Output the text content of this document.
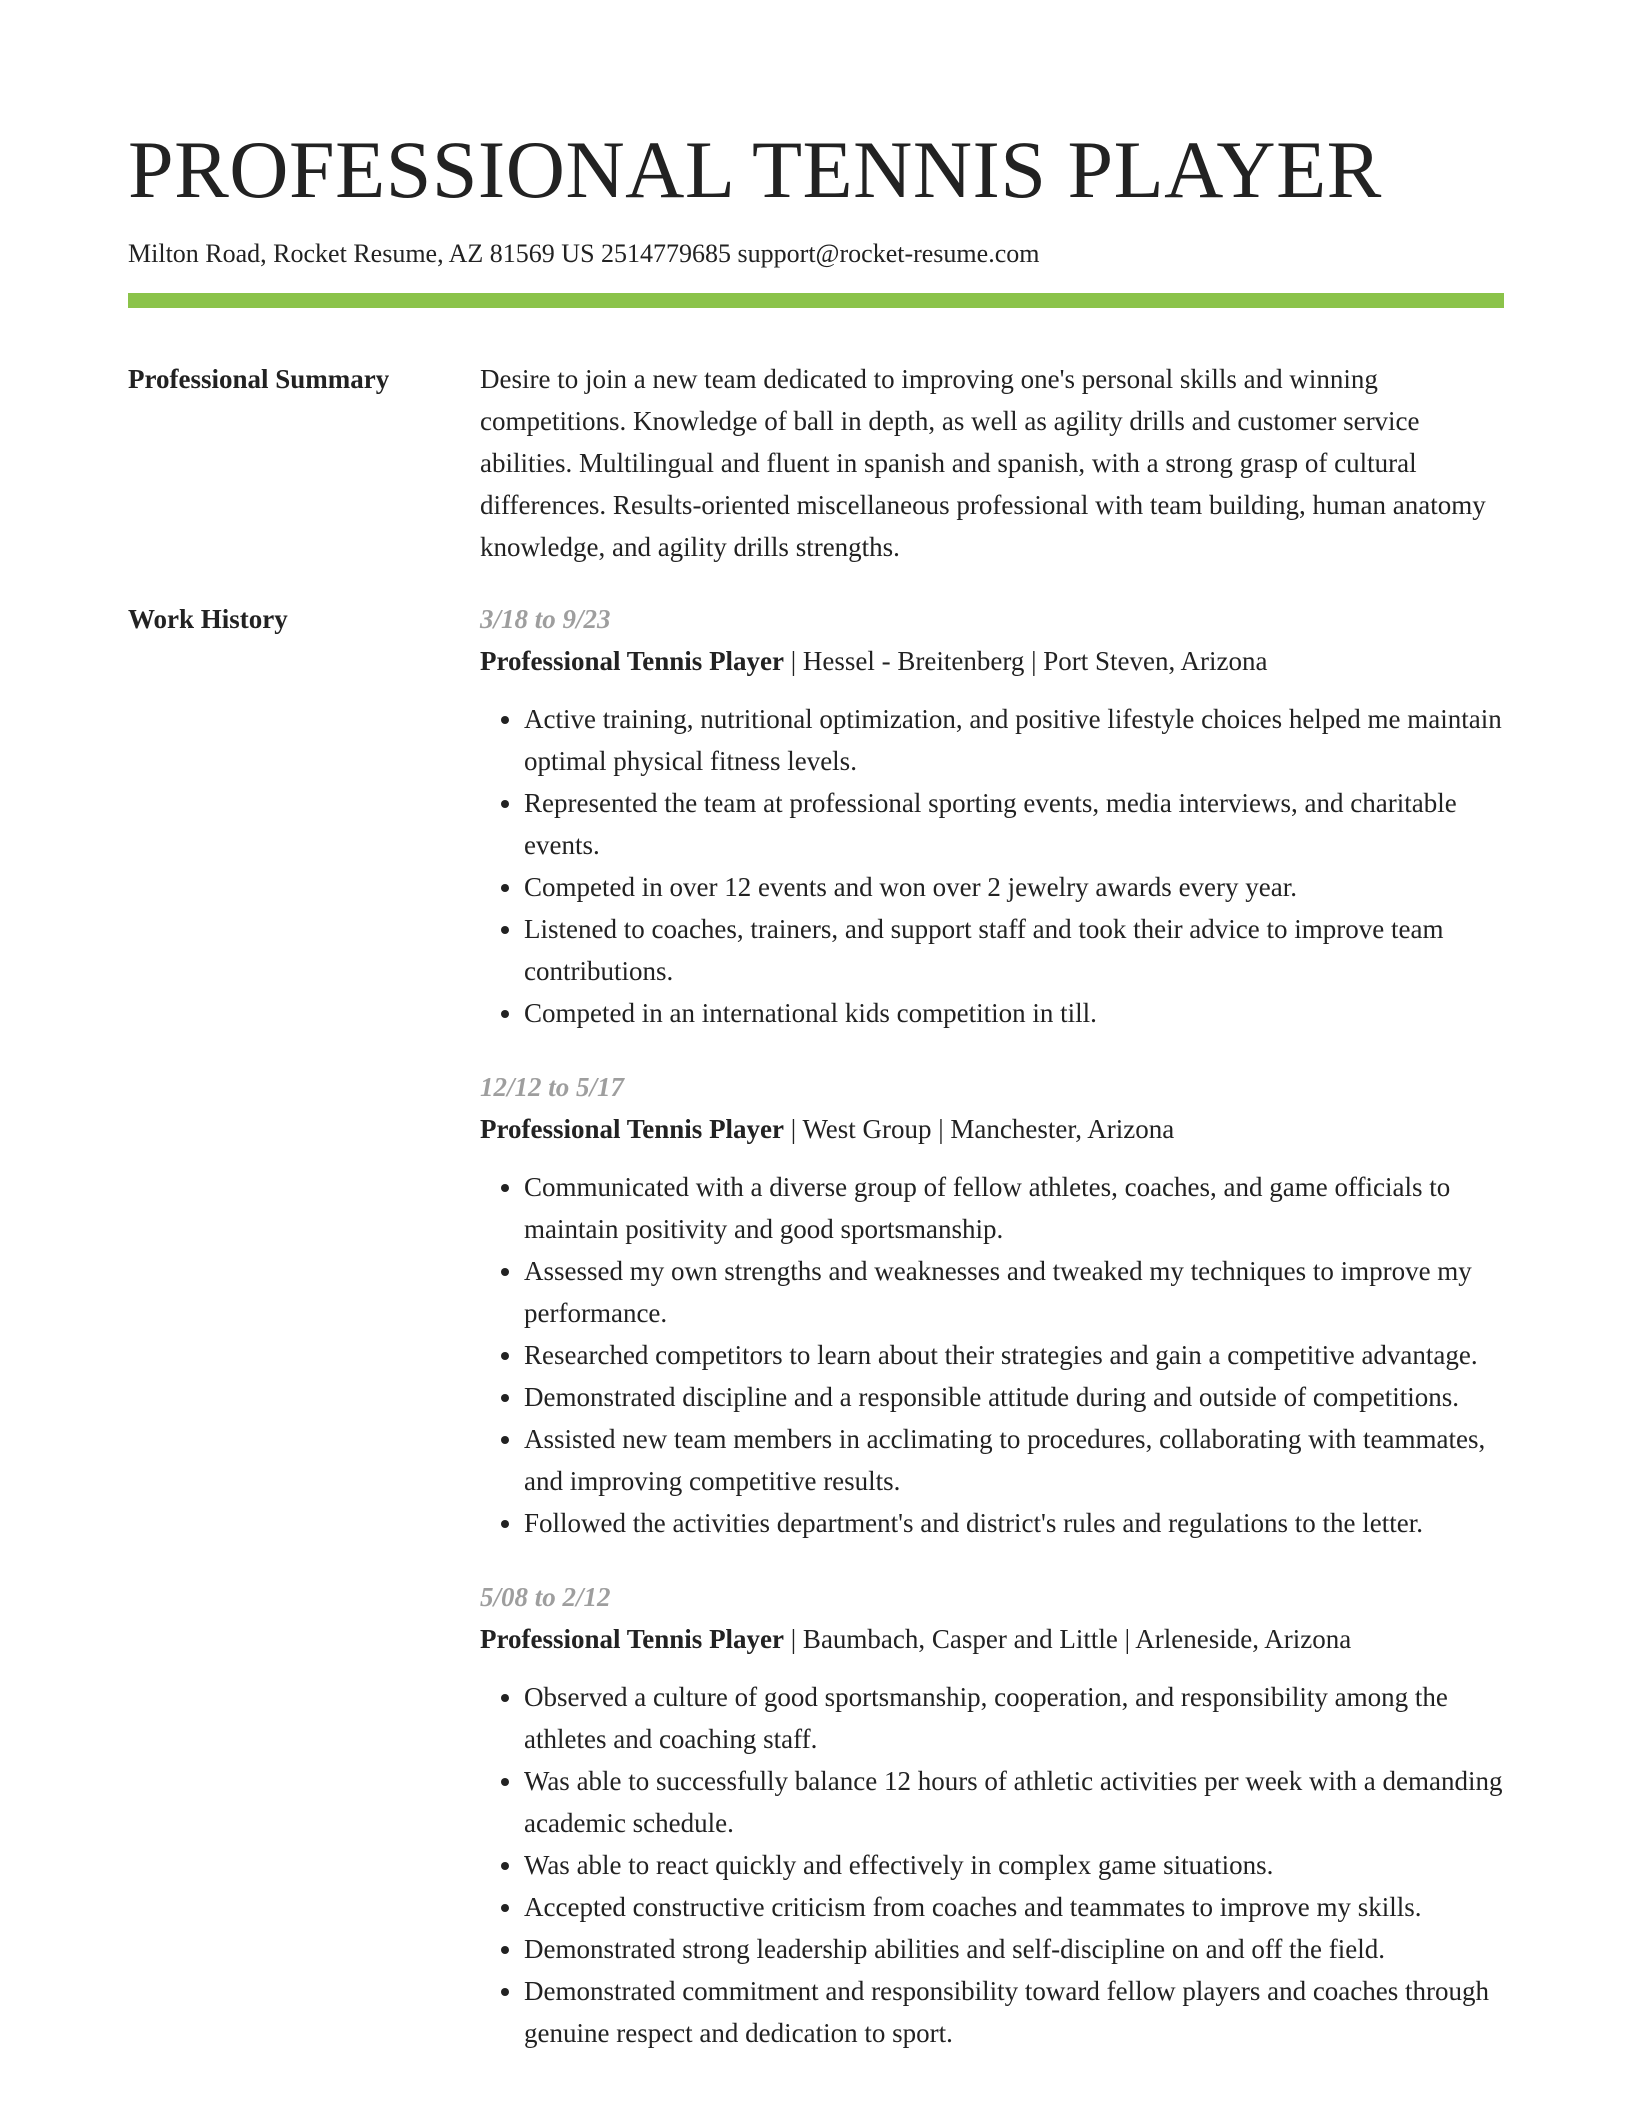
PROFESSIONAL TENNIS PLAYER
Milton Road, Rocket Resume, AZ 81569 US 2514779685 support@rocket-resume.com
Professional Summary	Desire to join a new team dedicated to improving one's personal skills and winning competitions. Knowledge of ball in depth, as well as agility drills and customer service abilities. Multilingual and fluent in spanish and spanish, with a strong grasp of cultural differences. Results-oriented miscellaneous professional with team building, human anatomy knowledge, and agility drills strengths.

Work History	3/18 to 9/23
Professional Tennis Player | Hessel - Breitenberg | Port Steven, Arizona
• Active training, nutritional optimization, and positive lifestyle choices helped me maintain optimal physical fitness levels.
• Represented the team at professional sporting events, media interviews, and charitable events.
• Competed in over 12 events and won over 2 jewelry awards every year.
• Listened to coaches, trainers, and support staff and took their advice to improve team contributions.
• Competed in an international kids competition in till.
12/12 to 5/17
Professional Tennis Player | West Group | Manchester, Arizona
• Communicated with a diverse group of fellow athletes, coaches, and game officials to maintain positivity and good sportsmanship.
• Assessed my own strengths and weaknesses and tweaked my techniques to improve my performance.
• Researched competitors to learn about their strategies and gain a competitive advantage.
• Demonstrated discipline and a responsible attitude during and outside of competitions.
• Assisted new team members in acclimating to procedures, collaborating with teammates, and improving competitive results.
• Followed the activities department's and district's rules and regulations to the letter.
5/08 to 2/12
Professional Tennis Player | Baumbach, Casper and Little | Arleneside, Arizona
• Observed a culture of good sportsmanship, cooperation, and responsibility among the athletes and coaching staff.
• Was able to successfully balance 12 hours of athletic activities per week with a demanding academic schedule.
• Was able to react quickly and effectively in complex game situations.
• Accepted constructive criticism from coaches and teammates to improve my skills.
• Demonstrated strong leadership abilities and self-discipline on and off the field.
• Demonstrated commitment and responsibility toward fellow players and coaches through genuine respect and dedication to sport.
